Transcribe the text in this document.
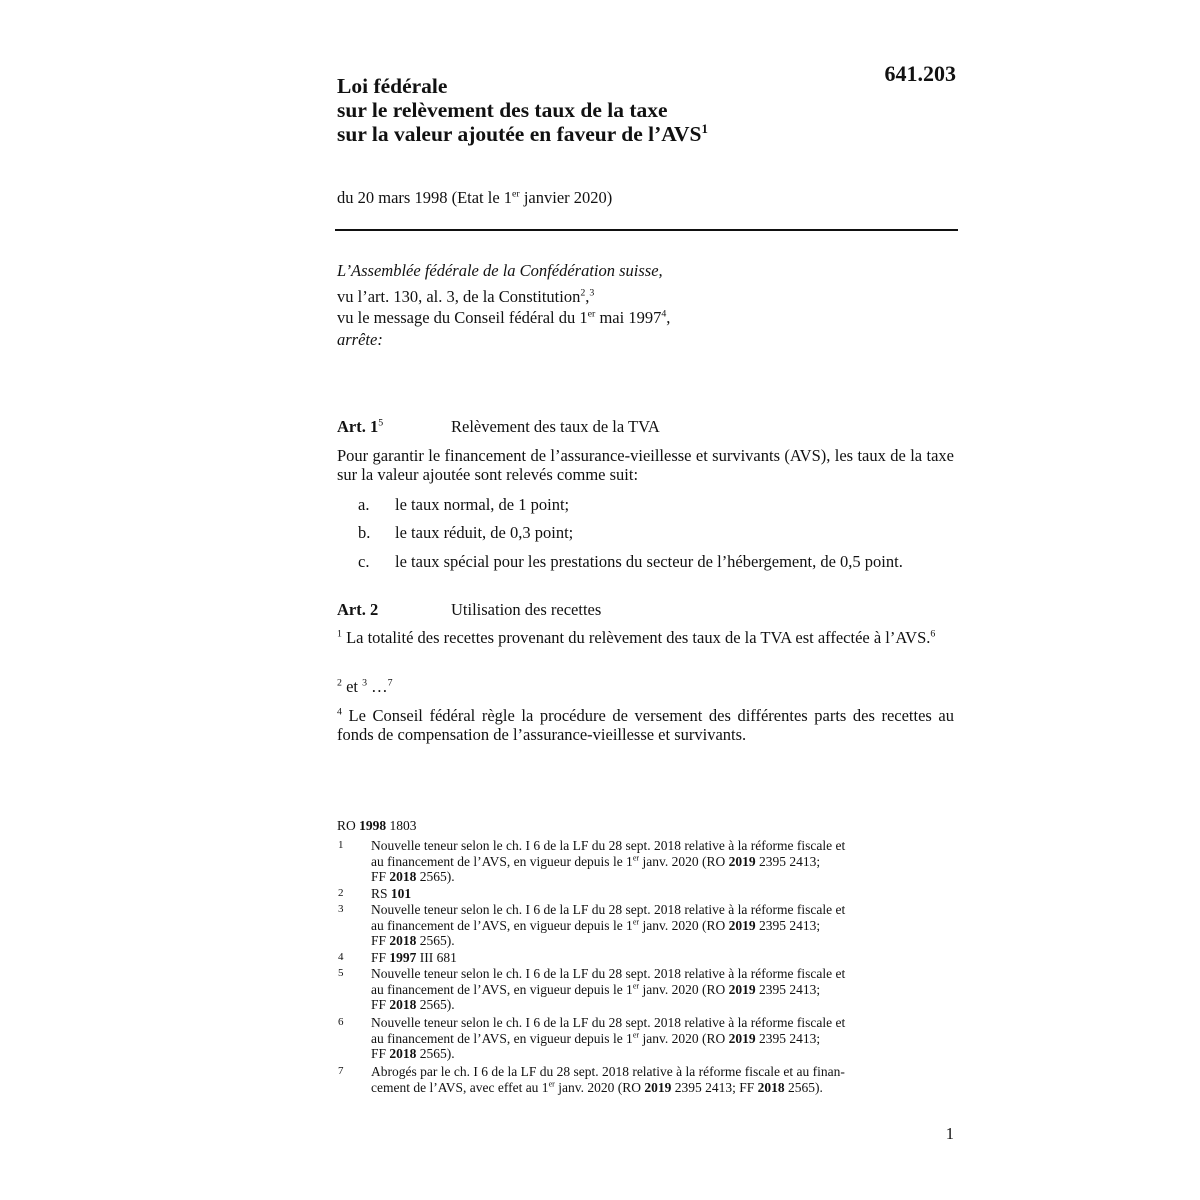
Loi fédérale
sur le relèvement des taux de la taxe
sur la valeur ajoutée en faveur de l’AVS$^1$
641.203
du 20 mars 1998 (Etat le 1er janvier 2020)
L’Assemblée fédérale de la Confédération suisse,
vu l’art. 130, al. 3, de la Constitution$^2$,$^3$
vu le message du Conseil fédéral du 1er mai 1997$^4$,
arrête:
Art. $1^5$	Relèvement des taux de la TVA
Pour garantir le financement de l’assurance-vieillesse et survivants (AVS), les taux de la taxe sur la valeur ajoutée sont relevés comme suit:
a. le taux normal, de 1 point;
b. le taux réduit, de 0,3 point;
c. le taux spécial pour les prestations du secteur de l’hébergement, de 0,5 point.
Art. 2	Utilisation des recettes
$^1$ La totalité des recettes provenant du relèvement des taux de la TVA est affectée à l’AVS.$^6$
$^2$ et $^3$ …$^7$
$^4$ Le Conseil fédéral règle la procédure de versement des différentes parts des recettes au fonds de compensation de l’assurance-vieillesse et survivants.
RO 1998 1803
1 Nouvelle teneur selon le ch. I 6 de la LF du 28 sept. 2018 relative à la réforme fiscale et
au financement de l’AVS, en vigueur depuis le 1er janv. 2020 (RO 2019 2395 2413;
FF 2018 2565).
2 RS 101
3 Nouvelle teneur selon le ch. I 6 de la LF du 28 sept. 2018 relative à la réforme fiscale et
au financement de l’AVS, en vigueur depuis le 1er janv. 2020 (RO 2019 2395 2413;
FF 2018 2565).
4 FF 1997 III 681
5 Nouvelle teneur selon le ch. I 6 de la LF du 28 sept. 2018 relative à la réforme fiscale et
au financement de l’AVS, en vigueur depuis le 1er janv. 2020 (RO 2019 2395 2413;
FF 2018 2565).
6 Nouvelle teneur selon le ch. I 6 de la LF du 28 sept. 2018 relative à la réforme fiscale et
au financement de l’AVS, en vigueur depuis le 1er janv. 2020 (RO 2019 2395 2413;
FF 2018 2565).
7 Abrogés par le ch. I 6 de la LF du 28 sept. 2018 relative à la réforme fiscale et au finan-
cement de l’AVS, avec effet au 1er janv. 2020 (RO 2019 2395 2413; FF 2018 2565).
1
